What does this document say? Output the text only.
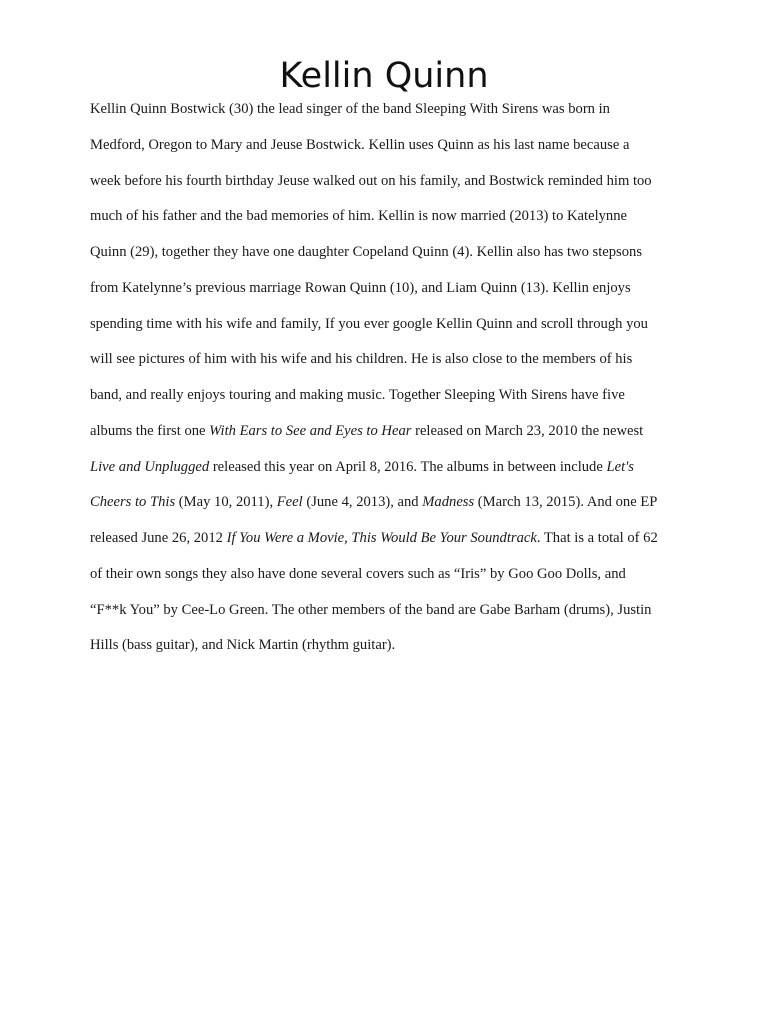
Kellin Quinn
Kellin Quinn Bostwick (30) the lead singer of the band Sleeping With Sirens was born in
Medford, Oregon to Mary and Jeuse Bostwick. Kellin uses Quinn as his last name because a
week before his fourth birthday Jeuse walked out on his family, and Bostwick reminded him too
much of his father and the bad memories of him. Kellin is now married (2013) to Katelynne
Quinn (29), together they have one daughter Copeland Quinn (4). Kellin also has two stepsons
from Katelynne’s previous marriage Rowan Quinn (10), and Liam Quinn (13). Kellin enjoys
spending time with his wife and family, If you ever google Kellin Quinn and scroll through you
will see pictures of him with his wife and his children. He is also close to the members of his
band, and really enjoys touring and making music. Together Sleeping With Sirens have five
albums the first one With Ears to See and Eyes to Hear released on March 23, 2010 the newest
Live and Unplugged released this year on April 8, 2016. The albums in between include Let's
Cheers to This (May 10, 2011), Feel (June 4, 2013), and Madness (March 13, 2015). And one EP
released June 26, 2012 If You Were a Movie, This Would Be Your Soundtrack. That is a total of 62
of their own songs they also have done several covers such as “Iris” by Goo Goo Dolls, and
“F**k You” by Cee-Lo Green. The other members of the band are Gabe Barham (drums), Justin
Hills (bass guitar), and Nick Martin (rhythm guitar).
